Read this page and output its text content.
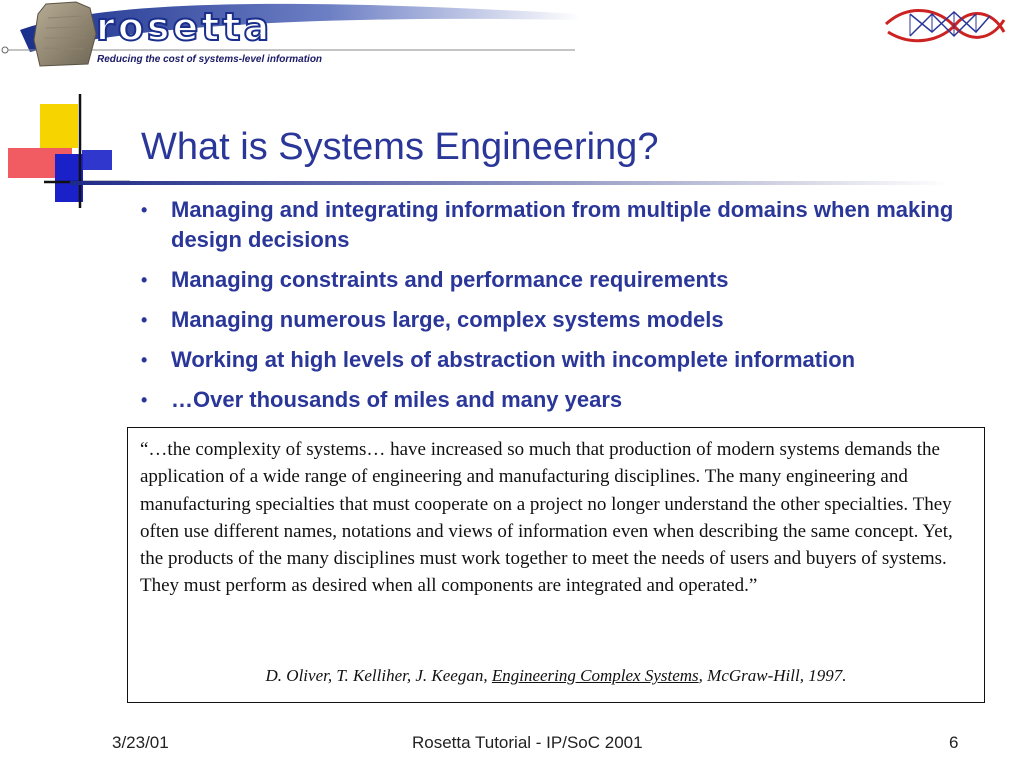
rosetta
Reducing the cost of systems-level information
What is Systems Engineering?
• Managing and integrating information from multiple domains when making design decisions
• Managing constraints and performance requirements
• Managing numerous large, complex systems models
• Working at high levels of abstraction with incomplete information
• …Over thousands of miles and many years

“…the complexity of systems… have increased so much that production of modern systems demands the application of a wide range of engineering and manufacturing disciplines. The many engineering and manufacturing specialties that must cooperate on a project no longer understand the other specialties. They often use different names, notations and views of information even when describing the same concept. Yet, the products of the many disciplines must work together to meet the needs of users and buyers of systems. They must perform as desired when all components are integrated and operated.”

D. Oliver, T. Kelliher, J. Keegan, Engineering Complex Systems, McGraw-Hill, 1997.
3/23/01	Rosetta Tutorial - IP/SoC 2001	6
